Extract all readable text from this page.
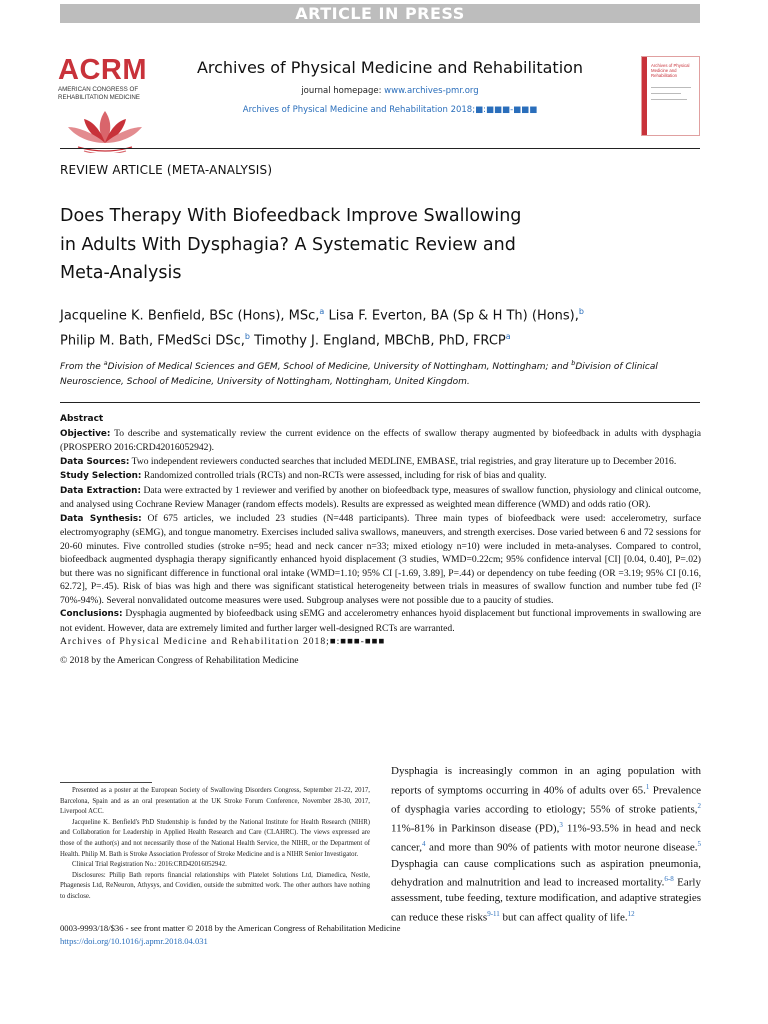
ARTICLE IN PRESS
ACRM
AMERICAN CONGRESS OF
REHABILITATION MEDICINE
Archives of Physical Medicine and Rehabilitation
journal homepage: www.archives-pmr.org
Archives of Physical Medicine and Rehabilitation 2018;■:■■■-■■■
Archives of Physical Medicine and Rehabilitation
REVIEW ARTICLE (META-ANALYSIS)
Does Therapy With Biofeedback Improve Swallowing
in Adults With Dysphagia? A Systematic Review and
Meta-Analysis
Jacqueline K. Benfield, BSc (Hons), MSc,$^a$ Lisa F. Everton, BA (Sp & H Th) (Hons),$^b$
Philip M. Bath, FMedSci DSc,$^b$ Timothy J. England, MBChB, PhD, FRCP$^a$
From the $^a$Division of Medical Sciences and GEM, School of Medicine, University of Nottingham, Nottingham; and $^b$Division of Clinical Neuroscience, School of Medicine, University of Nottingham, Nottingham, United Kingdom.
Abstract

Objective: To describe and systematically review the current evidence on the effects of swallow therapy augmented by biofeedback in adults with dysphagia (PROSPERO 2016:CRD42016052942).

Data Sources: Two independent reviewers conducted searches that included MEDLINE, EMBASE, trial registries, and gray literature up to December 2016.

Study Selection: Randomized controlled trials (RCTs) and non-RCTs were assessed, including for risk of bias and quality.

Data Extraction: Data were extracted by 1 reviewer and verified by another on biofeedback type, measures of swallow function, physiology and clinical outcome, and analysed using Cochrane Review Manager (random effects models). Results are expressed as weighted mean difference (WMD) and odds ratio (OR).

Data Synthesis: Of 675 articles, we included 23 studies (N=448 participants). Three main types of biofeedback were used: accelerometry, surface electromyography (sEMG), and tongue manometry. Exercises included saliva swallows, maneuvers, and strength exercises. Dose varied between 6 and 72 sessions for 20-60 minutes. Five controlled studies (stroke n=95; head and neck cancer n=33; mixed etiology n=10) were included in meta-analyses. Compared to control, biofeedback augmented dysphagia therapy significantly enhanced hyoid displacement (3 studies, WMD=0.22cm; 95% confidence interval [CI] [0.04, 0.40], P=.02) but there was no significant difference in functional oral intake (WMD=1.10; 95% CI [-1.69, 3.89], P=.44) or dependency on tube feeding (OR =3.19; 95% CI [0.16, 62.72], P=.45). Risk of bias was high and there was significant statistical heterogeneity between trials in measures of swallow function and number tube fed (I² 70%-94%). Several nonvalidated outcome measures were used. Subgroup analyses were not possible due to a paucity of studies.

Conclusions: Dysphagia augmented by biofeedback using sEMG and accelerometry enhances hyoid displacement but functional improvements in swallowing are not evident. However, data are extremely limited and further larger well-designed RCTs are warranted.

Archives of Physical Medicine and Rehabilitation 2018;■:■■■-■■■

© 2018 by the American Congress of Rehabilitation Medicine

Presented as a poster at the European Society of Swallowing Disorders Congress, September 21-22, 2017, Barcelona, Spain and as an oral presentation at the UK Stroke Forum Conference, November 28-30, 2017, Liverpool ACC.

Jacqueline K. Benfield's PhD Studentship is funded by the National Institute for Health Research (NIHR) and Collaboration for Leadership in Applied Health Research and Care (CLAHRC). The views expressed are those of the author(s) and not necessarily those of the National Health Service, the NIHR, or the Department of Health. Philip M. Bath is Stroke Association Professor of Stroke Medicine and is a NIHR Senior Investigator.

Clinical Trial Registration No.: 2016:CRD42016052942.

Disclosures: Philip Bath reports financial relationships with Platelet Solutions Ltd, Diamedica, Nestle, Phagenesis Ltd, ReNeuron, Athysys, and Covidien, outside the submitted work. The other authors have nothing to disclose.

Dysphagia is increasingly common in an aging population with reports of symptoms occurring in 40% of adults over 65.$^1$ Prevalence of dysphagia varies according to etiology; 55% of stroke patients,$^2$ 11%-81% in Parkinson disease (PD),$^3$ 11%-93.5% in head and neck cancer,$^4$ and more than 90% of patients with motor neurone disease.$^5$ Dysphagia can cause complications such as aspiration pneumonia, dehydration and malnutrition and lead to increased mortality.$^{6-8}$ Early assessment, tube feeding, texture modification, and adaptive strategies can reduce these risks$^{9-11}$ but can affect quality of life.$^{12}$
0003-9993/18/$36 - see front matter © 2018 by the American Congress of Rehabilitation Medicine
https://doi.org/10.1016/j.apmr.2018.04.031
